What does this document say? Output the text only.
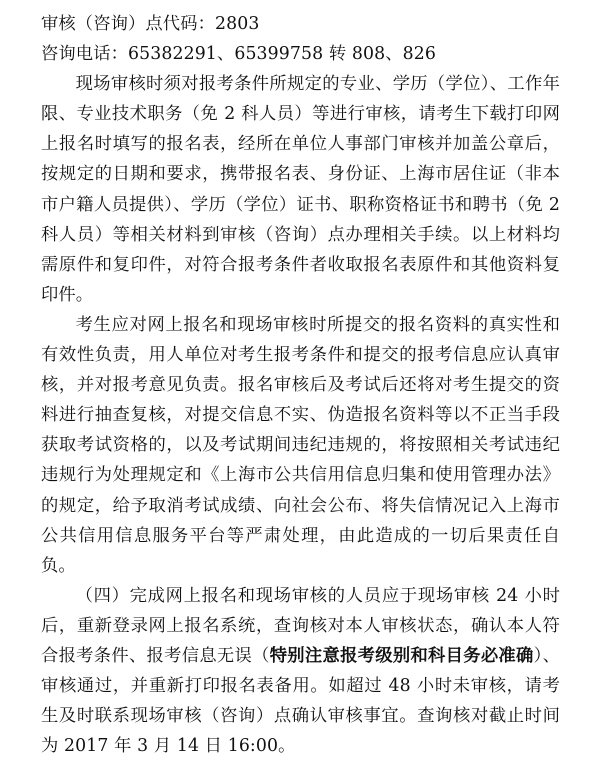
审核（咨询）点代码：2803

咨询电话：65382291、65399758 转 808、826

现场审核时须对报考条件所规定的专业、学历（学位）、工作年限、专业技术职务（免 2 科人员）等进行审核，请考生下载打印网上报名时填写的报名表，经所在单位人事部门审核并加盖公章后，按规定的日期和要求，携带报名表、身份证、上海市居住证（非本市户籍人员提供）、学历（学位）证书、职称资格证书和聘书（免 2 科人员）等相关材料到审核（咨询）点办理相关手续。以上材料均需原件和复印件，对符合报考条件者收取报名表原件和其他资料复印件。

考生应对网上报名和现场审核时所提交的报名资料的真实性和有效性负责，用人单位对考生报考条件和提交的报考信息应认真审核，并对报考意见负责。报名审核后及考试后还将对考生提交的资料进行抽查复核，对提交信息不实、伪造报名资料等以不正当手段获取考试资格的，以及考试期间违纪违规的，将按照相关考试违纪违规行为处理规定和《上海市公共信用信息归集和使用管理办法》的规定，给予取消考试成绩、向社会公布、将失信情况记入上海市公共信用信息服务平台等严肃处理，由此造成的一切后果责任自负。

（四）完成网上报名和现场审核的人员应于现场审核 24 小时后，重新登录网上报名系统，查询核对本人审核状态，确认本人符合报考条件、报考信息无误（特别注意报考级别和科目务必准确）、审核通过，并重新打印报名表备用。如超过 48 小时未审核，请考生及时联系现场审核（咨询）点确认审核事宜。查询核对截止时间为 2017 年 3 月 14 日 16:00。
